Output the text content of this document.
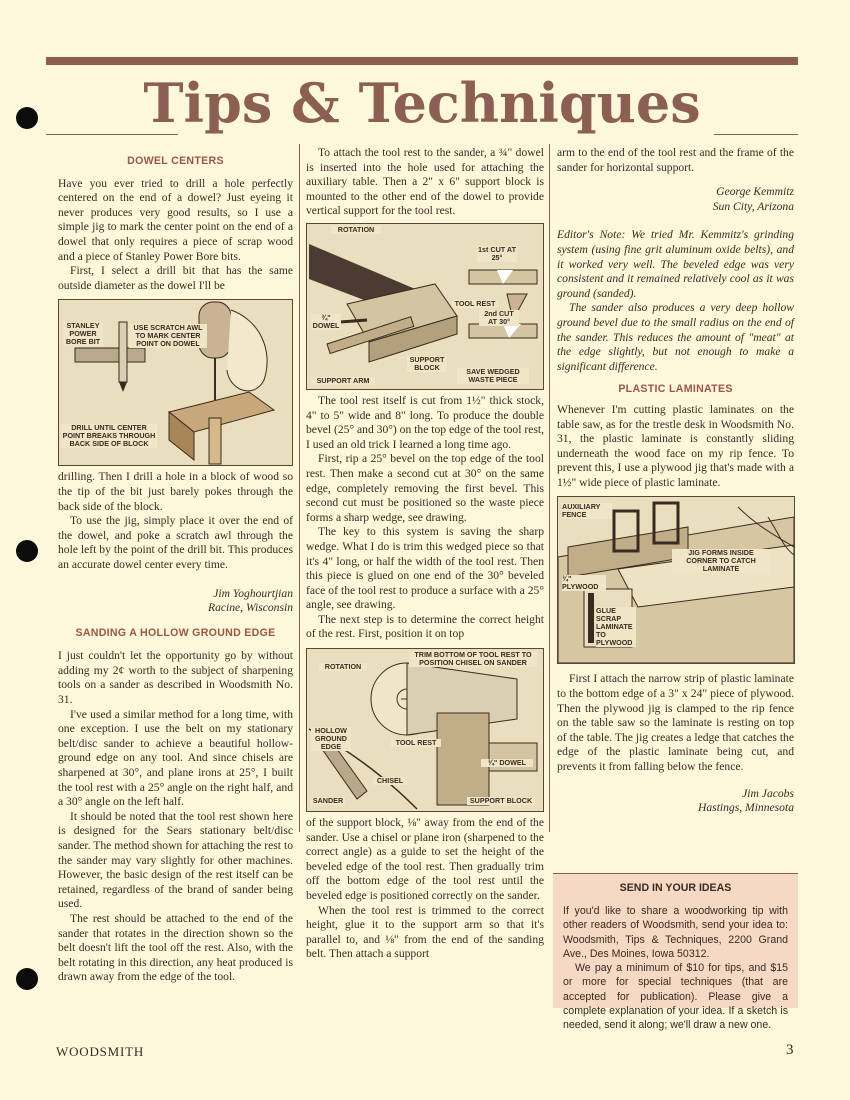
Tips & Techniques
DOWEL CENTERS

Have you ever tried to drill a hole perfectly centered on the end of a dowel? Just eyeing it never produces very good results, so I use a simple jig to mark the center point on the end of a dowel that only requires a piece of scrap wood and a piece of Stanley Power Bore bits.

First, I select a drill bit that has the same outside diameter as the dowel I'll be

STANLEY POWER BORE BIT
USE SCRATCH AWL TO MARK CENTER POINT ON DOWEL
DRILL UNTIL CENTER POINT BREAKS THROUGH BACK SIDE OF BLOCK

drilling. Then I drill a hole in a block of wood so the tip of the bit just barely pokes through the back side of the block.

To use the jig, simply place it over the end of the dowel, and poke a scratch awl through the hole left by the point of the drill bit. This produces an accurate dowel center every time.

Jim Yoghourtjian
Racine, Wisconsin
SANDING A HOLLOW GROUND EDGE

I just couldn't let the opportunity go by without adding my 2¢ worth to the subject of sharpening tools on a sander as described in Woodsmith No. 31.

I've used a similar method for a long time, with one exception. I use the belt on my stationary belt/disc sander to achieve a beautiful hollow-ground edge on any tool. And since chisels are sharpened at 30°, and plane irons at 25°, I built the tool rest with a 25° angle on the right half, and a 30° angle on the left half.

It should be noted that the tool rest shown here is designed for the Sears stationary belt/disc sander. The method shown for attaching the rest to the sander may vary slightly for other machines. However, the basic design of the rest itself can be retained, regardless of the brand of sander being used.

The rest should be attached to the end of the sander that rotates in the direction shown so the belt doesn't lift the tool off the rest. Also, with the belt rotating in this direction, any heat produced is drawn away from the edge of the tool.

To attach the tool rest to the sander, a ¾" dowel is inserted into the hole used for attaching the auxiliary table. Then a 2" x 6" support block is mounted to the other end of the dowel to provide vertical support for the tool rest.

ROTATION
1st CUT AT 25°
TOOL REST
2nd CUT AT 30°
¾" DOWEL
SUPPORT BLOCK
SUPPORT ARM
SAVE WEDGED WASTE PIECE

The tool rest itself is cut from 1½" thick stock, 4" to 5" wide and 8" long. To produce the double bevel (25° and 30°) on the top edge of the tool rest, I used an old trick I learned a long time ago.

First, rip a 25° bevel on the top edge of the tool rest. Then make a second cut at 30° on the same edge, completely removing the first bevel. This second cut must be positioned so the waste piece forms a sharp wedge, see drawing.

The key to this system is saving the sharp wedge. What I do is trim this wedged piece so that it's 4" long, or half the width of the tool rest. Then this piece is glued on one end of the 30° beveled face of the tool rest to produce a surface with a 25° angle, see drawing.

The next step is to determine the correct height of the rest. First, position it on top

TRIM BOTTOM OF TOOL REST TO POSITION CHISEL ON SANDER
ROTATION
HOLLOW GROUND EDGE	TOOL REST
¾" DOWEL
CHISEL
SANDER	SUPPORT BLOCK

of the support block, ⅛" away from the end of the sander. Use a chisel or plane iron (sharpened to the correct angle) as a guide to set the height of the beveled edge of the tool rest. Then gradually trim off the bottom edge of the tool rest until the beveled edge is positioned correctly on the sander.

When the tool rest is trimmed to the correct height, glue it to the support arm so that it's parallel to, and ⅛" from the end of the sanding belt. Then attach a support

arm to the end of the tool rest and the frame of the sander for horizontal support.

George Kemmitz
Sun City, Arizona

Editor's Note: We tried Mr. Kemmitz's grinding system (using fine grit aluminum oxide belts), and it worked very well. The beveled edge was very consistent and it remained relatively cool as it was ground (sanded).

The sander also produces a very deep hollow ground bevel due to the small radius on the end of the sander. This reduces the amount of "meat" at the edge slightly, but not enough to make a significant difference.

PLASTIC LAMINATES

Whenever I'm cutting plastic laminates on the table saw, as for the trestle desk in Woodsmith No. 31, the plastic laminate is constantly sliding underneath the wood face on my rip fence. To prevent this, I use a plywood jig that's made with a 1½" wide piece of plastic laminate.

AUXILIARY FENCE
JIG FORMS INSIDE CORNER TO CATCH LAMINATE
¾" PLYWOOD
GLUE SCRAP LAMINATE TO PLYWOOD

First I attach the narrow strip of plastic laminate to the bottom edge of a 3" x 24" piece of plywood. Then the plywood jig is clamped to the rip fence on the table saw so the laminate is resting on top of the table. The jig creates a ledge that catches the edge of the plastic laminate being cut, and prevents it from falling below the fence.

Jim Jacobs
Hastings, Minnesota
SEND IN YOUR IDEAS

If you'd like to share a woodworking tip with other readers of Woodsmith, send your idea to: Woodsmith, Tips & Techniques, 2200 Grand Ave., Des Moines, Iowa 50312.

We pay a minimum of $10 for tips, and $15 or more for special techniques (that are accepted for publication). Please give a complete explanation of your idea. If a sketch is needed, send it along; we'll draw a new one.

WOODSMITH	3
